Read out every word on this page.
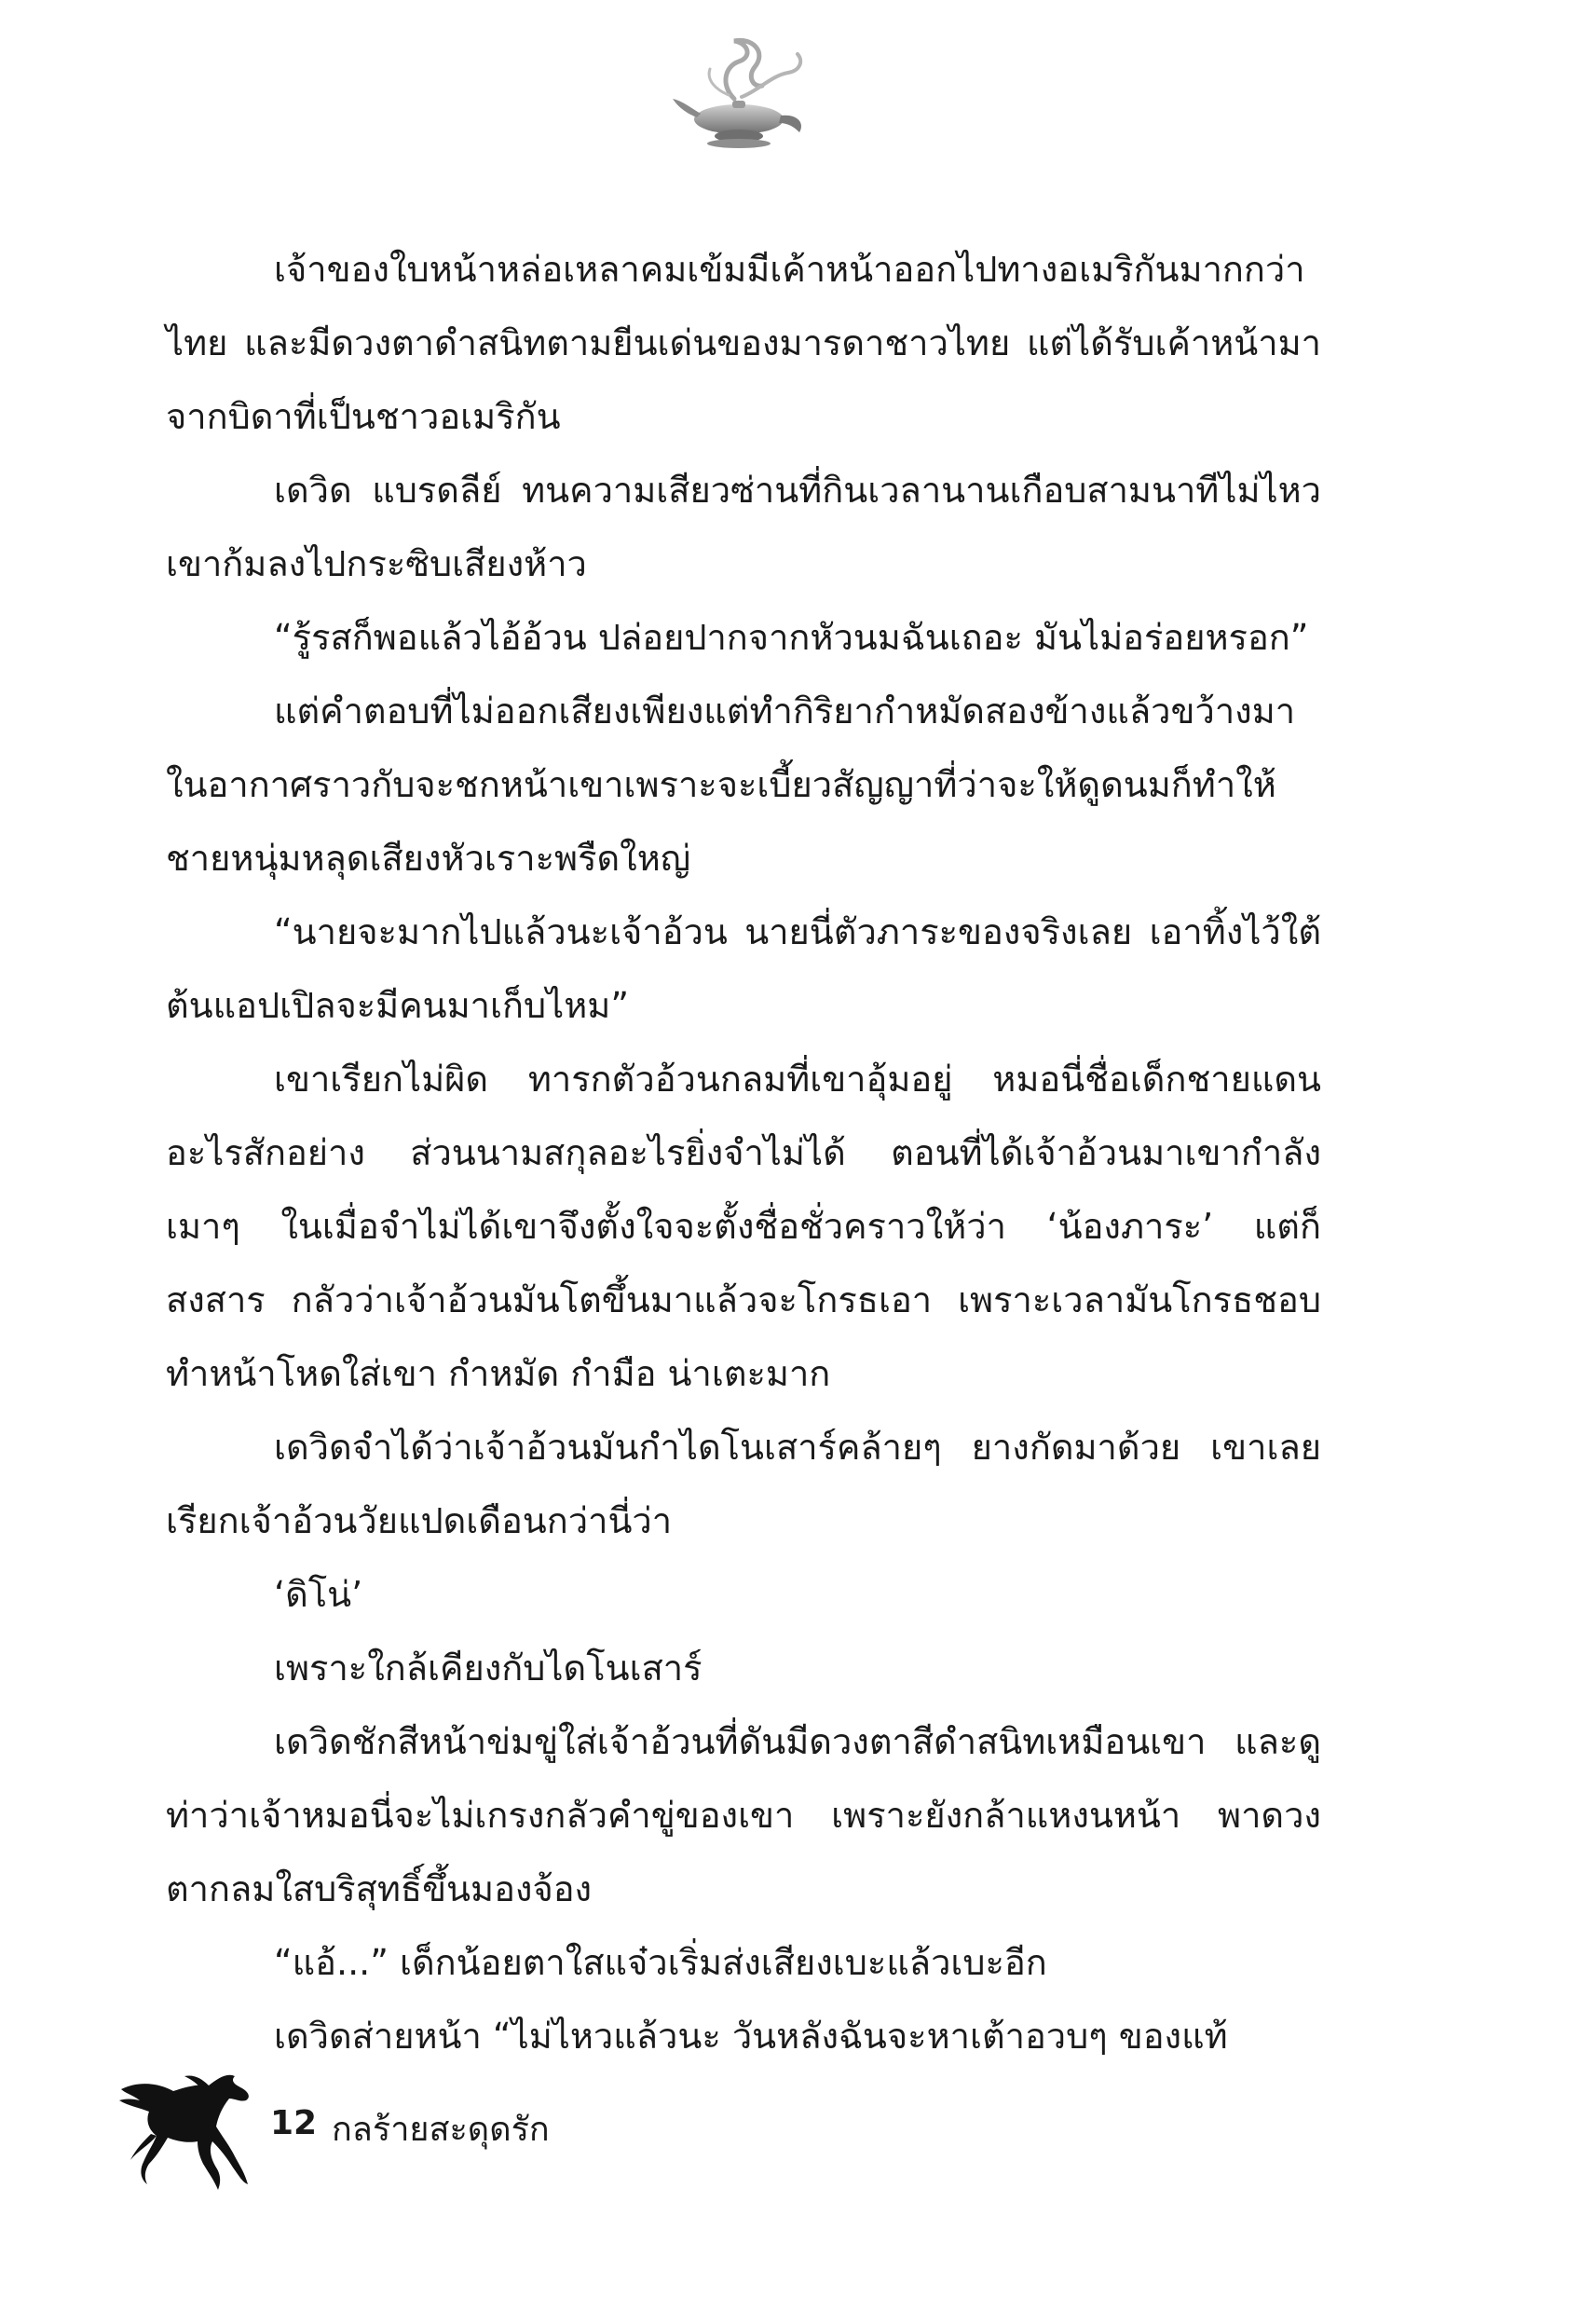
เจ้าของใบหน้าหล่อเหลาคมเข้มมีเค้าหน้าออกไปทางอเมริกันมากกว่าไทย และมีดวงตาดำสนิทตามยีนเด่นของมารดาชาวไทย แต่ได้รับเค้าหน้ามาจากบิดาที่เป็นชาวอเมริกัน

เดวิด แบรดลีย์ ทนความเสียวซ่านที่กินเวลานานเกือบสามนาทีไม่ไหว เขาก้มลงไปกระซิบเสียงห้าว

“รู้รสก็พอแล้วไอ้อ้วน ปล่อยปากจากหัวนมฉันเถอะ มันไม่อร่อยหรอก”

แต่คำตอบที่ไม่ออกเสียงเพียงแต่ทำกิริยากำหมัดสองข้างแล้วขว้างมาในอากาศราวกับจะชกหน้าเขาเพราะจะเบี้ยวสัญญาที่ว่าจะให้ดูดนมก็ทำให้ชายหนุ่มหลุดเสียงหัวเราะพรืดใหญ่

“นายจะมากไปแล้วนะเจ้าอ้วน นายนี่ตัวภาระของจริงเลย เอาทิ้งไว้ใต้ต้นแอปเปิลจะมีคนมาเก็บไหม”

เขาเรียกไม่ผิด ทารกตัวอ้วนกลมที่เขาอุ้มอยู่ หมอนี่ชื่อเด็กชายแดนอะไรสักอย่าง ส่วนนามสกุลอะไรยิ่งจำไม่ได้ ตอนที่ได้เจ้าอ้วนมาเขากำลังเมาๆ ในเมื่อจำไม่ได้เขาจึงตั้งใจจะตั้งชื่อชั่วคราวให้ว่า ‘น้องภาระ’ แต่ก็สงสาร กลัวว่าเจ้าอ้วนมันโตขึ้นมาแล้วจะโกรธเอา เพราะเวลามันโกรธชอบทำหน้าโหดใส่เขา กำหมัด กำมือ น่าเตะมาก

เดวิดจำได้ว่าเจ้าอ้วนมันกำไดโนเสาร์คล้ายๆ ยางกัดมาด้วย เขาเลยเรียกเจ้าอ้วนวัยแปดเดือนกว่านี่ว่า

‘ดิโน่’

เพราะใกล้เคียงกับไดโนเสาร์

เดวิดชักสีหน้าข่มขู่ใส่เจ้าอ้วนที่ดันมีดวงตาสีดำสนิทเหมือนเขา และดูท่าว่าเจ้าหมอนี่จะไม่เกรงกลัวคำขู่ของเขา เพราะยังกล้าแหงนหน้า พาดวงตากลมใสบริสุทธิ์ขึ้นมองจ้อง

“แอ้...” เด็กน้อยตาใสแจ๋วเริ่มส่งเสียงเบะแล้วเบะอีก

เดวิดส่ายหน้า “ไม่ไหวแล้วนะ วันหลังฉันจะหาเต้าอวบๆ ของแท้

12 กลร้ายสะดุดรัก
